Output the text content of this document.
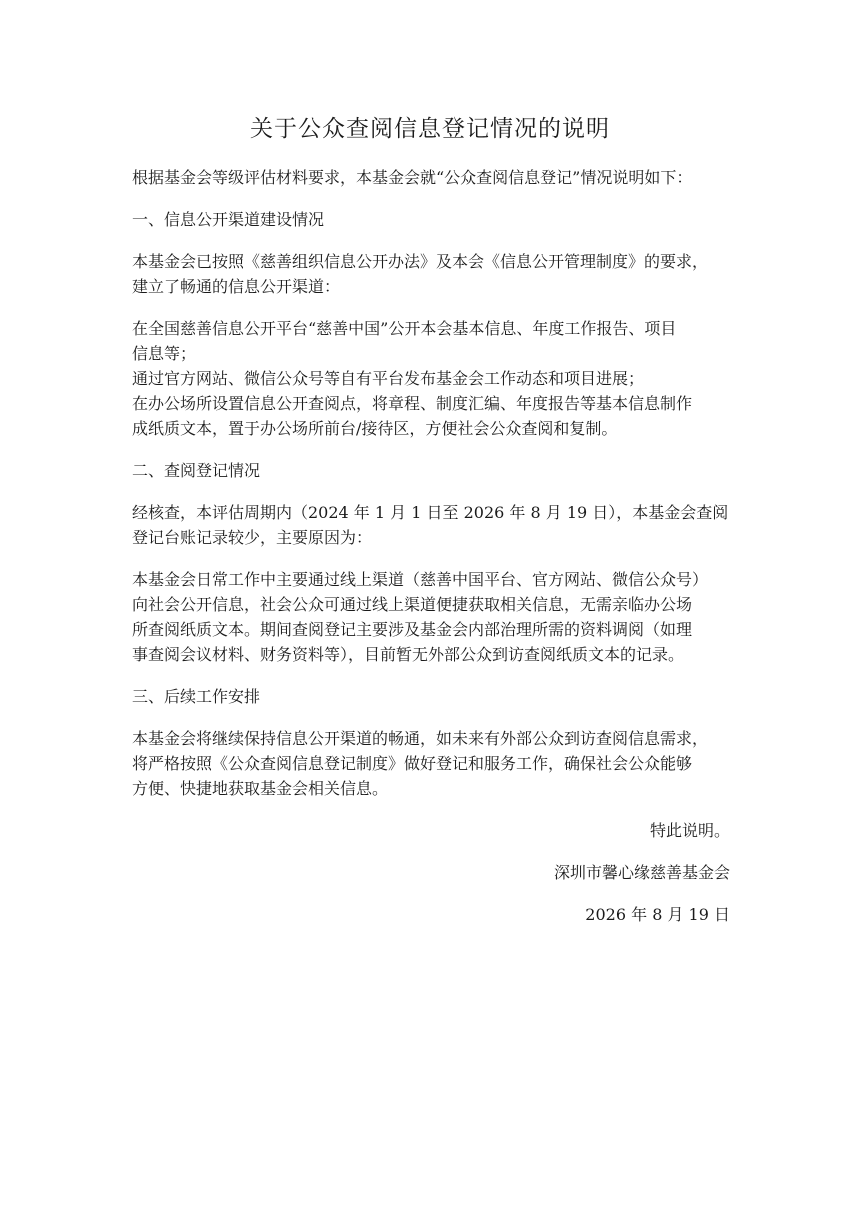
关于公众查阅信息登记情况的说明

根据基金会等级评估材料要求，本基金会就“公众查阅信息登记”情况说明如下：

一、信息公开渠道建设情况

本基金会已按照《慈善组织信息公开办法》及本会《信息公开管理制度》的要求，

建立了畅通的信息公开渠道：

在全国慈善信息公开平台“慈善中国”公开本会基本信息、年度工作报告、项目

信息等；

通过官方网站、微信公众号等自有平台发布基金会工作动态和项目进展；

在办公场所设置信息公开查阅点，将章程、制度汇编、年度报告等基本信息制作

成纸质文本，置于办公场所前台/接待区，方便社会公众查阅和复制。

二、查阅登记情况

经核查，本评估周期内（2024 年 1 月 1 日至 2026 年 8 月 19 日），本基金会查阅

登记台账记录较少，主要原因为：

本基金会日常工作中主要通过线上渠道（慈善中国平台、官方网站、微信公众号）

向社会公开信息，社会公众可通过线上渠道便捷获取相关信息，无需亲临办公场

所查阅纸质文本。期间查阅登记主要涉及基金会内部治理所需的资料调阅（如理

事查阅会议材料、财务资料等），目前暂无外部公众到访查阅纸质文本的记录。

三、后续工作安排

本基金会将继续保持信息公开渠道的畅通，如未来有外部公众到访查阅信息需求，

将严格按照《公众查阅信息登记制度》做好登记和服务工作，确保社会公众能够

方便、快捷地获取基金会相关信息。

特此说明。

深圳市馨心缘慈善基金会

2026 年 8 月 19 日
